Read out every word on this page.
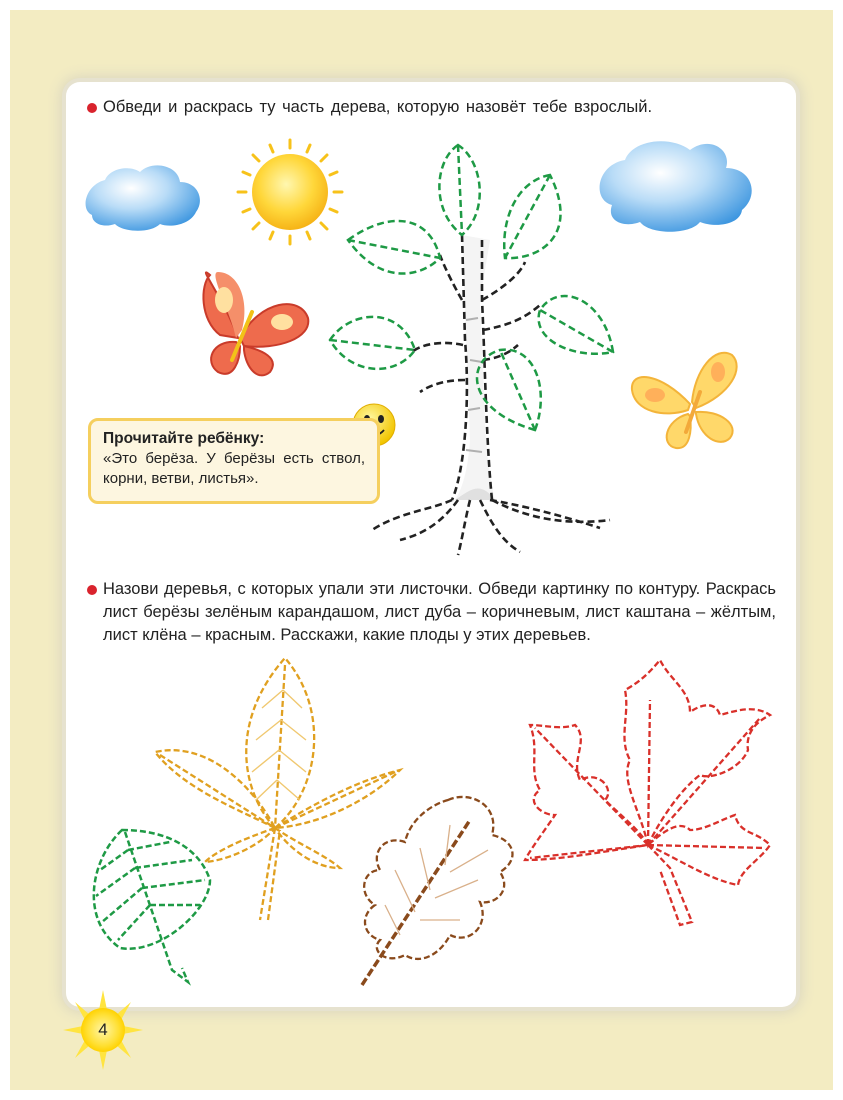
Обведи и раскрась ту часть дерева, которую назовёт тебе взрослый.
Прочитайте ребёнку:
«Это берёза. У берёзы есть ствол, корни, ветви, листья».
Назови деревья, с которых упали эти листочки. Обведи картинку по контуру. Раскрась лист берёзы зелёным карандашом, лист дуба – коричневым, лист каштана – жёлтым, лист клёна – красным. Расскажи, какие плоды у этих деревьев.
4
